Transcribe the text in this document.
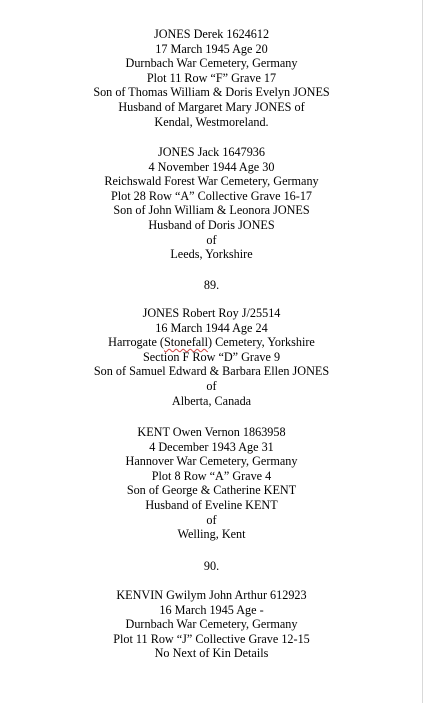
JONES Derek 1624612
17 March 1945 Age 20
Durnbach War Cemetery, Germany
Plot 11 Row “F” Grave 17
Son of Thomas William & Doris Evelyn JONES
Husband of Margaret Mary JONES of
Kendal, Westmoreland.
JONES Jack 1647936
4 November 1944 Age 30
Reichswald Forest War Cemetery, Germany
Plot 28 Row “A” Collective Grave 16-17
Son of John William & Leonora JONES
Husband of Doris JONES
of
Leeds, Yorkshire
89.
JONES Robert Roy J/25514
16 March 1944 Age 24
Harrogate (Stonefall) Cemetery, Yorkshire
Section F Row “D” Grave 9
Son of Samuel Edward & Barbara Ellen JONES
of
Alberta, Canada
KENT Owen Vernon 1863958
4 December 1943 Age 31
Hannover War Cemetery, Germany
Plot 8 Row “A” Grave 4
Son of George & Catherine KENT
Husband of Eveline KENT
of
Welling, Kent
90.
KENVIN Gwilym John Arthur 612923
16 March 1945 Age -
Durnbach War Cemetery, Germany
Plot 11 Row “J” Collective Grave 12-15
No Next of Kin Details
